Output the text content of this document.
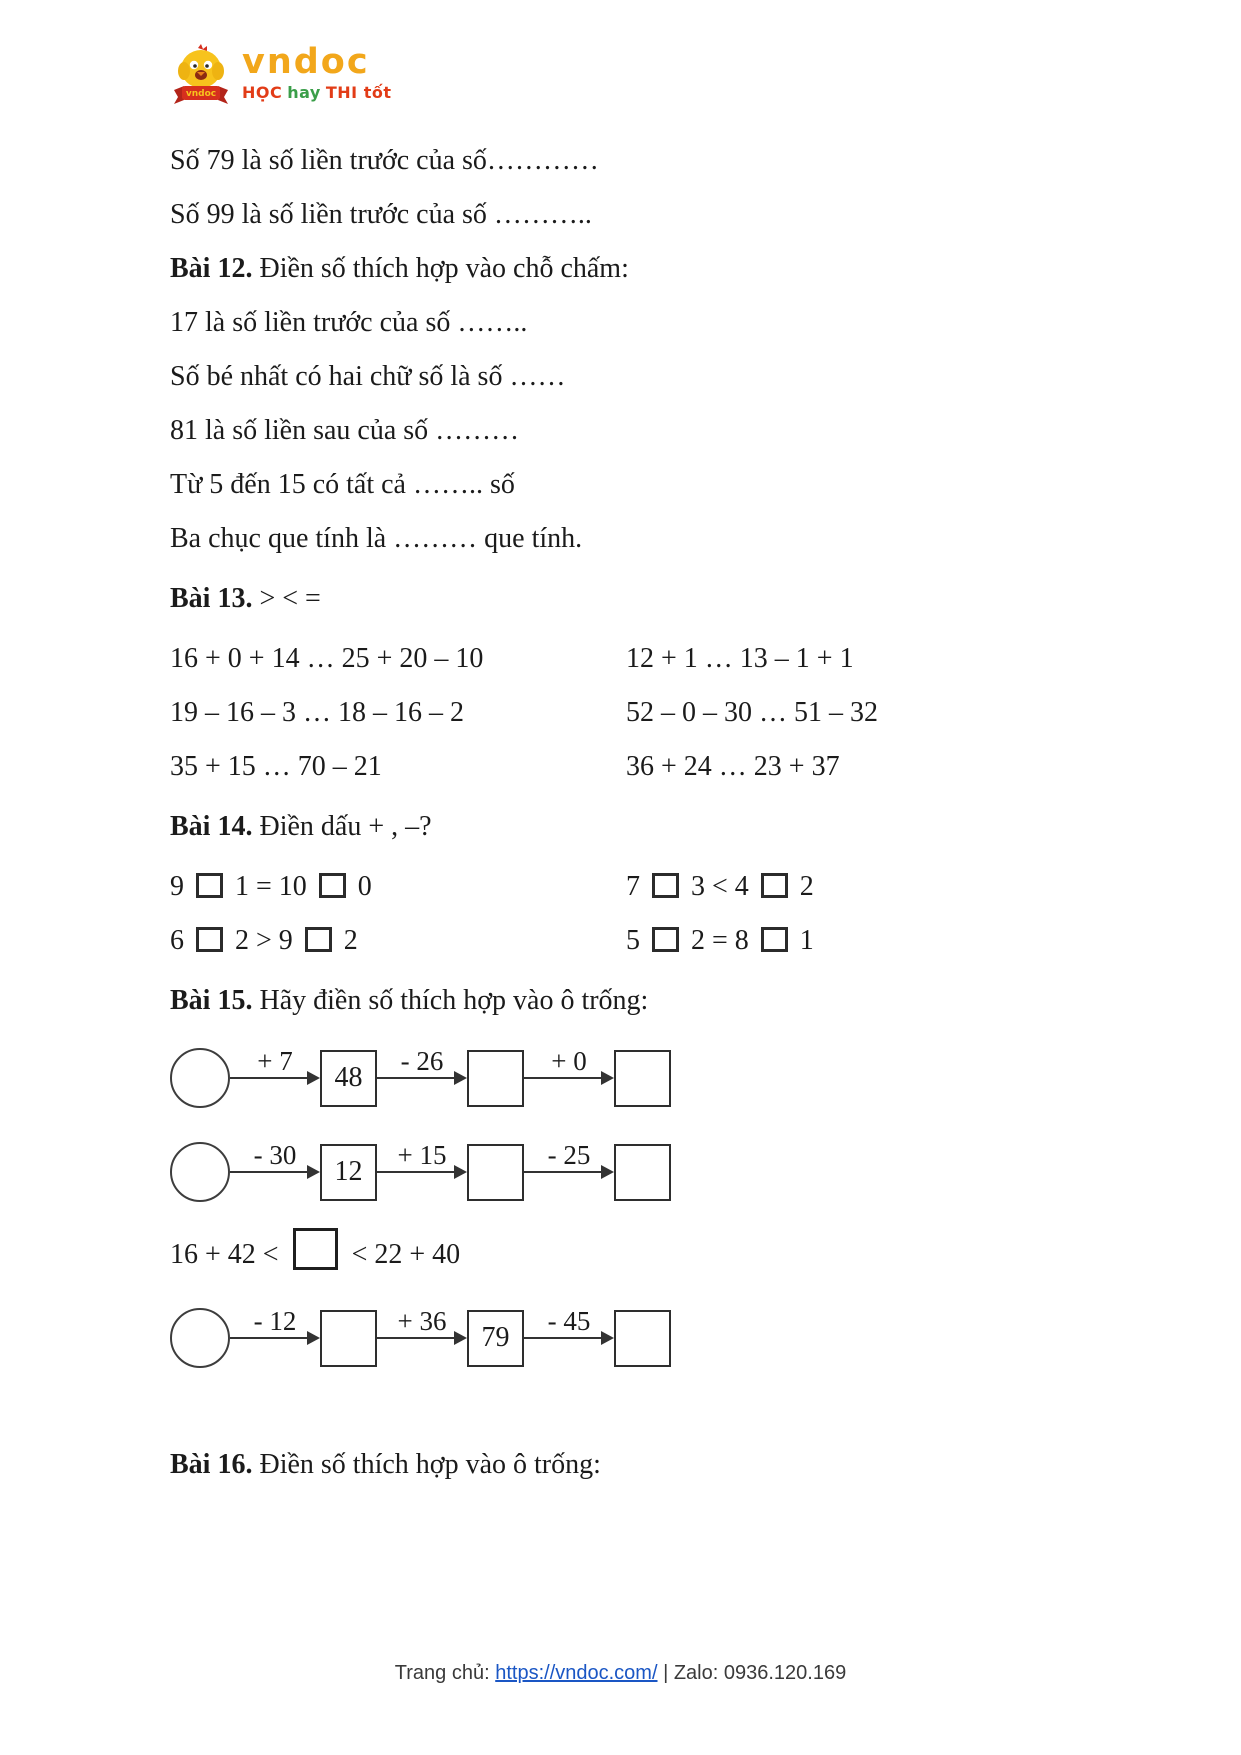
vndoc
vndoc
HỌC hay THI tốt

Số 79 là số liền trước của số…………

Số 99 là số liền trước của số ………..

Bài 12. Điền số thích hợp vào chỗ chấm:

17 là số liền trước của số ……..

Số bé nhất có hai chữ số là số ……

81 là số liền sau của số ………

Từ 5 đến 15 có tất cả …….. số

Ba chục que tính là ……… que tính.

Bài 13. > < =

16 + 0 + 14 … 25 + 20 – 10	12 + 1 … 13 – 1 + 1
19 – 16 – 3 … 18 – 16 – 2	52 – 0 – 30 … 51 – 32
35 + 15 … 70 – 21	36 + 24 … 23 + 37

Bài 14. Điền dấu + , –?

9 1 = 10 0	7 3 < 4 2
6 2 > 9 2	5 2 = 8 1

Bài 15. Hãy điền số thích hợp vào ô trống:

+ 7
48
- 26	+ 0
- 30
12
+ 15	- 25
16 + 42 <	< 22 + 40
- 12	+ 36
79
- 45

Bài 16. Điền số thích hợp vào ô trống:

Trang chủ: https://vndoc.com/ | Zalo: 0936.120.169
